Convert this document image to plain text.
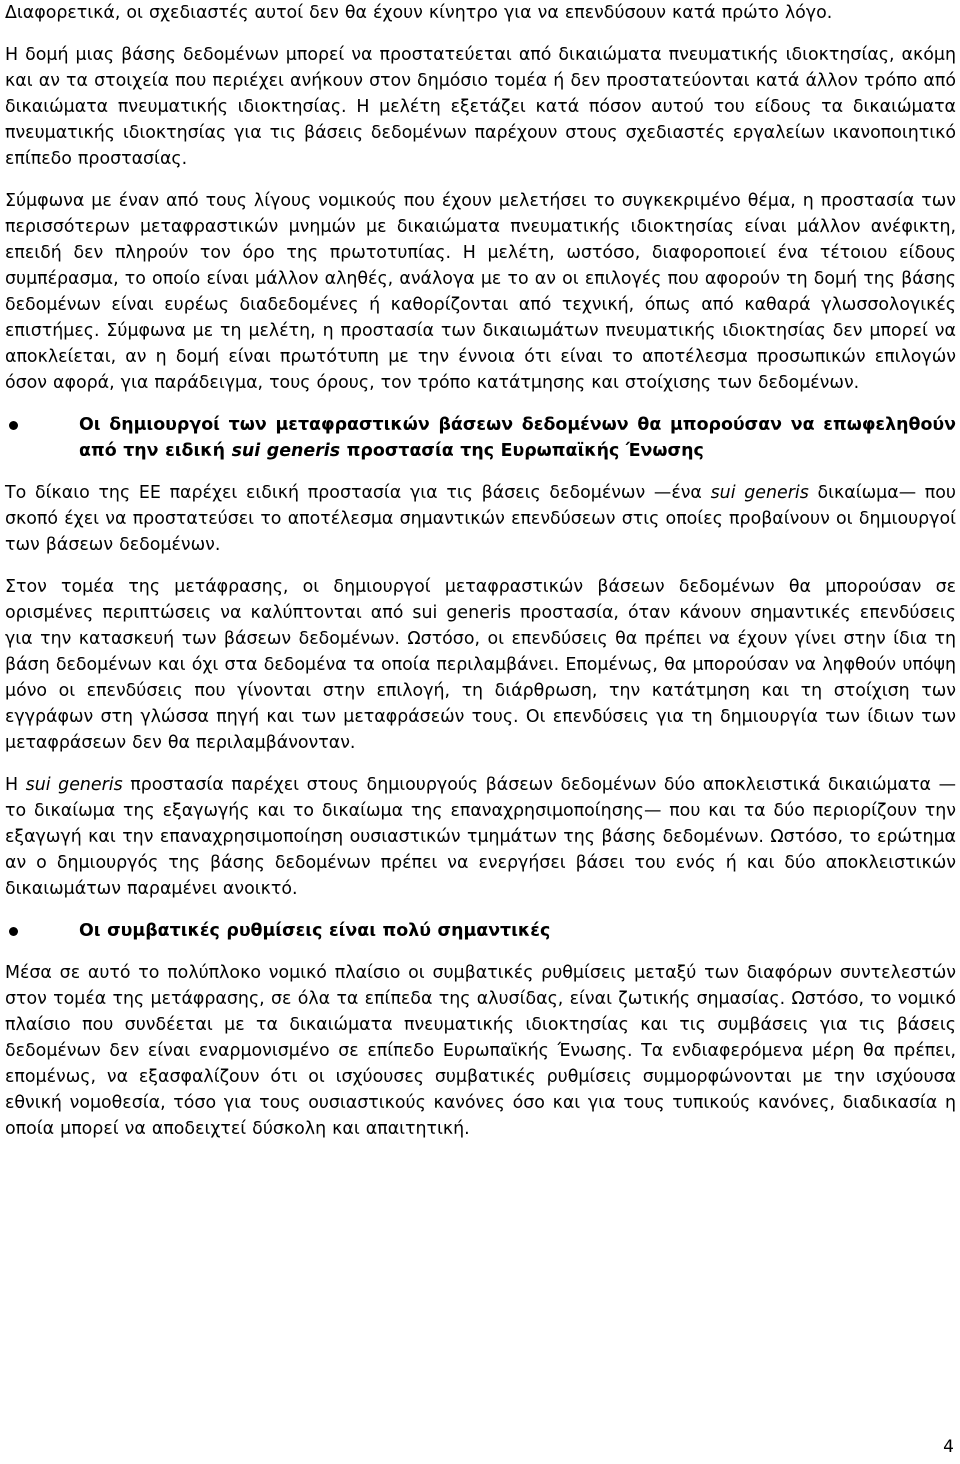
Διαφορετικά, οι σχεδιαστές αυτοί δεν θα έχουν κίνητρο για να επενδύσουν κατά πρώτο λόγο.

Η δομή μιας βάσης δεδομένων μπορεί να προστατεύεται από δικαιώματα πνευματικής ιδιοκτησίας, ακόμη και αν τα στοιχεία που περιέχει ανήκουν στον δημόσιο τομέα ή δεν προστατεύονται κατά άλλον τρόπο από δικαιώματα πνευματικής ιδιοκτησίας. Η μελέτη εξετάζει κατά πόσον αυτού του είδους τα δικαιώματα πνευματικής ιδιοκτησίας για τις βάσεις δεδομένων παρέχουν στους σχεδιαστές εργαλείων ικανοποιητικό επίπεδο προστασίας.

Σύμφωνα με έναν από τους λίγους νομικούς που έχουν μελετήσει το συγκεκριμένο θέμα, η προστασία των περισσότερων μεταφραστικών μνημών με δικαιώματα πνευματικής ιδιοκτησίας είναι μάλλον ανέφικτη, επειδή δεν πληρούν τον όρο της πρωτοτυπίας. Η μελέτη, ωστόσο, διαφοροποιεί ένα τέτοιου είδους συμπέρασμα, το οποίο είναι μάλλον αληθές, ανάλογα με το αν οι επιλογές που αφορούν τη δομή της βάσης δεδομένων είναι ευρέως διαδεδομένες ή καθορίζονται από τεχνική, όπως από καθαρά γλωσσολογικές επιστήμες. Σύμφωνα με τη μελέτη, η προστασία των δικαιωμάτων πνευματικής ιδιοκτησίας δεν μπορεί να αποκλείεται, αν η δομή είναι πρωτότυπη με την έννοια ότι είναι το αποτέλεσμα προσωπικών επιλογών όσον αφορά, για παράδειγμα, τους όρους, τον τρόπο κατάτμησης και στοίχισης των δεδομένων.

Οι δημιουργοί των μεταφραστικών βάσεων δεδομένων θα μπορούσαν να επωφεληθούν από την ειδική sui generis προστασία της Ευρωπαϊκής Ένωσης

Το δίκαιο της ΕΕ παρέχει ειδική προστασία για τις βάσεις δεδομένων —ένα sui generis δικαίωμα— που σκοπό έχει να προστατεύσει το αποτέλεσμα σημαντικών επενδύσεων στις οποίες προβαίνουν οι δημιουργοί των βάσεων δεδομένων.

Στον τομέα της μετάφρασης, οι δημιουργοί μεταφραστικών βάσεων δεδομένων θα μπορούσαν σε ορισμένες περιπτώσεις να καλύπτονται από sui generis προστασία, όταν κάνουν σημαντικές επενδύσεις για την κατασκευή των βάσεων δεδομένων. Ωστόσο, οι επενδύσεις θα πρέπει να έχουν γίνει στην ίδια τη βάση δεδομένων και όχι στα δεδομένα τα οποία περιλαμβάνει. Επομένως, θα μπορούσαν να ληφθούν υπόψη μόνο οι επενδύσεις που γίνονται στην επιλογή, τη διάρθρωση, την κατάτμηση και τη στοίχιση των εγγράφων στη γλώσσα πηγή και των μεταφράσεών τους. Οι επενδύσεις για τη δημιουργία των ίδιων των μεταφράσεων δεν θα περιλαμβάνονταν.

Η sui generis προστασία παρέχει στους δημιουργούς βάσεων δεδομένων δύο αποκλειστικά δικαιώματα —το δικαίωμα της εξαγωγής και το δικαίωμα της επαναχρησιμοποίησης— που και τα δύο περιορίζουν την εξαγωγή και την επαναχρησιμοποίηση ουσιαστικών τμημάτων της βάσης δεδομένων. Ωστόσο, το ερώτημα αν ο δημιουργός της βάσης δεδομένων πρέπει να ενεργήσει βάσει του ενός ή και δύο αποκλειστικών δικαιωμάτων παραμένει ανοικτό.

Οι συμβατικές ρυθμίσεις είναι πολύ σημαντικές

Μέσα σε αυτό το πολύπλοκο νομικό πλαίσιο οι συμβατικές ρυθμίσεις μεταξύ των διαφόρων συντελεστών στον τομέα της μετάφρασης, σε όλα τα επίπεδα της αλυσίδας, είναι ζωτικής σημασίας. Ωστόσο, το νομικό πλαίσιο που συνδέεται με τα δικαιώματα πνευματικής ιδιοκτησίας και τις συμβάσεις για τις βάσεις δεδομένων δεν είναι εναρμονισμένο σε επίπεδο Ευρωπαϊκής Ένωσης. Τα ενδιαφερόμενα μέρη θα πρέπει, επομένως, να εξασφαλίζουν ότι οι ισχύουσες συμβατικές ρυθμίσεις συμμορφώνονται με την ισχύουσα εθνική νομοθεσία, τόσο για τους ουσιαστικούς κανόνες όσο και για τους τυπικούς κανόνες, διαδικασία η οποία μπορεί να αποδειχτεί δύσκολη και απαιτητική.

4
